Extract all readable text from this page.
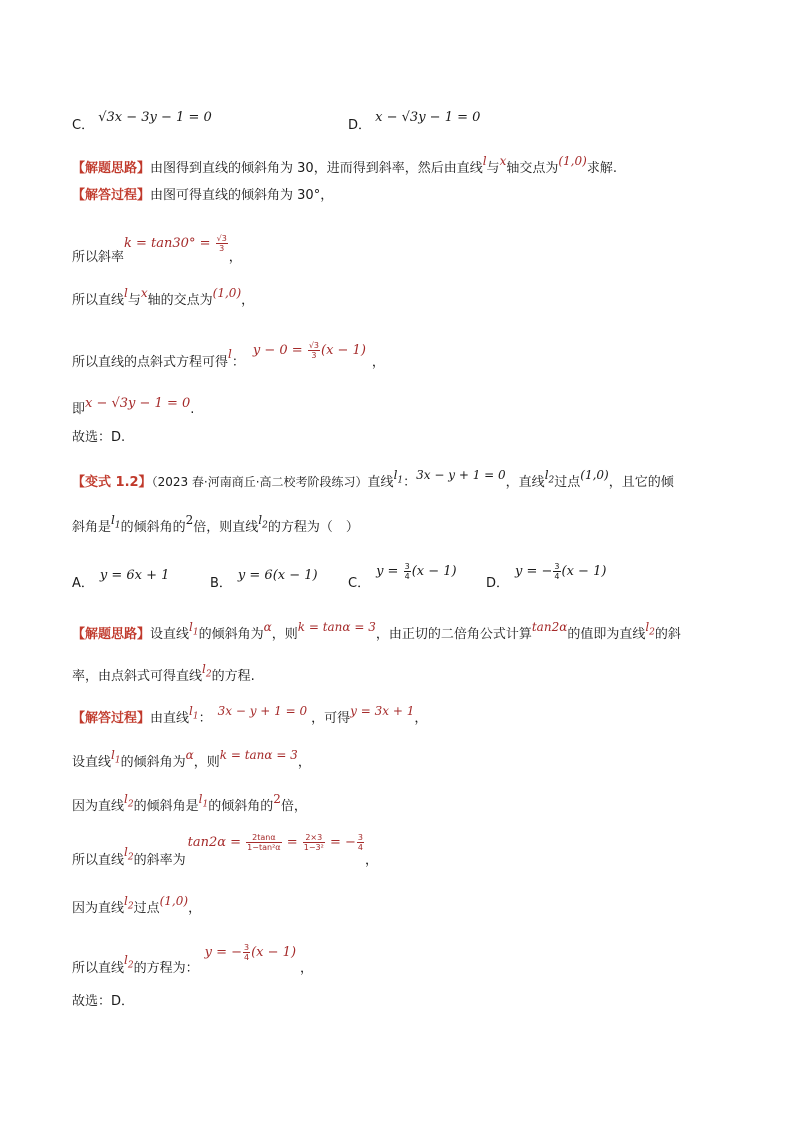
C． √3x − 3y − 1 = 0
D． x − √3y − 1 = 0
【解题思路】由图得到直线的倾斜角为 30，进而得到斜率，然后由直线l与x轴交点为(1,0)求解.
【解答过程】由图可得直线的倾斜角为 30°，
所以斜率$k = \tan 30^\circ = \frac{√3}{3}$
，
所以直线l与x轴的交点为(1,0)，
所以直线的点斜式方程可得l：$y - 0 = \frac{√3}{3} (x - 1)$，
即x − √3y − 1 = 0.
故选：D.
【变式 1.2】（2023 春·河南商丘·高二校考阶段练习）直线$l_1$：3x − y + 1 = 0，直线$l_2$过点(1,0)，且它的倾
斜角是$l_1$的倾斜角的2倍，则直线$l_2$的方程为（　）
A．y = 6x + 1
B．y = 6(x − 1)
C．$y = \frac{3}{4} (x - 1)$
D．y = − $\frac{3}{4} (x - 1)$
【解题思路】设直线$l_1$的倾斜角为α，则k = tanα = 3，由正切的二倍角公式计算tan2α的值即为直线$l_2$的斜
率，由点斜式可得直线$l_2$的方程.
【解答过程】由直线$l_1$： 3x − y + 1 = 0 ，可得y = 3x + 1，
设直线$l_1$的倾斜角为α，则k = tanα = 3，
因为直线$l_2$的倾斜角是$l_1$的倾斜角的2倍，
所以直线$l_2$的斜率为$\tan 2\alpha = \frac{2\tan\alpha}{\text{1−tan²α}} = \frac{2\times 3}{\text{1−3²}}$ = − $\frac{3}{4}$
，
因为直线$l_2$过点(1,0)，
所以直线$l_2$的方程为：y = − $\frac{3}{4} (x - 1)$，
故选：D．
